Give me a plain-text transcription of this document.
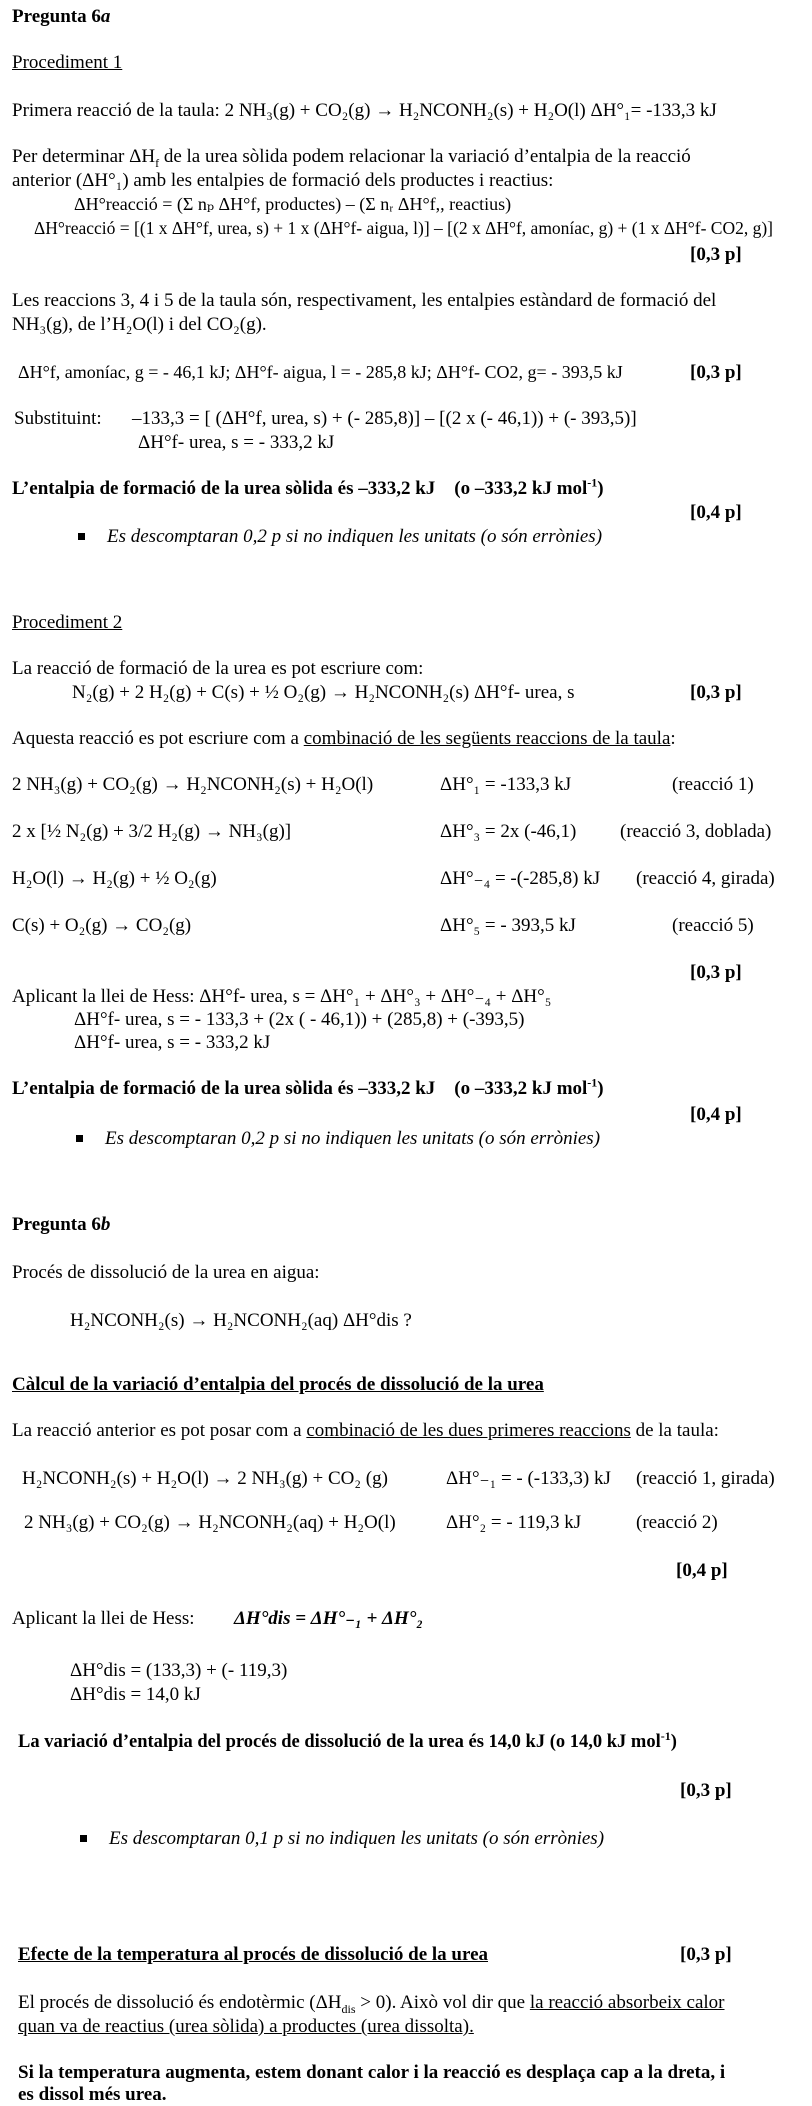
Pregunta 6a
Procediment 1
Primera reacció de la taula: 2 NH₃(g) + CO₂(g) → H₂NCONH₂(s) + H₂O(l) ΔH°₁= -133,3 kJ
Per determinar $\Delta H_f$ de la urea sòlida podem relacionar la variació d’entalpia de la reacció
anterior (ΔH°₁) amb les entalpies de formació dels productes i reactius:
ΔH°reacció = (Σ nₚ ΔH°f, productes) – (Σ nᵣ ΔH°f,, reactius)
ΔH°reacció = [(1 x ΔH°f, urea, s) + 1 x (ΔH°f- aigua, l)] – [(2 x ΔH°f, amoníac, g) + (1 x ΔH°f- CO2, g)]
[0,3 p]
Les reaccions 3, 4 i 5 de la taula són, respectivament, les entalpies estàndard de formació del
NH₃(g), de l’H₂O(l) i del CO₂(g).
ΔH°f, amoníac, g = - 46,1 kJ; ΔH°f- aigua, l = - 285,8 kJ; ΔH°f- CO2, g= - 393,5 kJ	[0,3 p]
Substituint: –133,3 = [ (ΔH°f, urea, s) + (- 285,8)] – [(2 x (- 46,1)) + (- 393,5)]
ΔH°f- urea, s = - 333,2 kJ
L’entalpia de formació de la urea sòlida és –333,2 kJ (o –333,2 kJ mol$^{-1}$)
[0,4 p]
Es descomptaran 0,2 p si no indiquen les unitats (o són errònies)
Procediment 2
La reacció de formació de la urea es pot escriure com:
N₂(g) + 2 H₂(g) + C(s) + ½ O₂(g) → H₂NCONH₂(s) ΔH°f- urea, s	[0,3 p]
Aquesta reacció es pot escriure com a combinació de les següents reaccions de la taula:
2 NH₃(g) + CO₂(g) → H₂NCONH₂(s) + H₂O(l)	ΔH°₁ = -133,3 kJ	(reacció 1)
2 x [½ N₂(g) + 3/2 H₂(g) → NH₃(g)]	ΔH°₃ = 2x (-46,1) (reacció 3, doblada)
H₂O(l) → H₂(g) + ½ O₂(g)	ΔH°₋₄ = -(-285,8) kJ (reacció 4, girada)
C(s) + O₂(g) → CO₂(g)	ΔH°₅ = - 393,5 kJ	(reacció 5)
[0,3 p]
Aplicant la llei de Hess: ΔH°f- urea, s = ΔH°₁ + ΔH°₃ + ΔH°₋₄ + ΔH°₅
ΔH°f- urea, s = - 133,3 + (2x ( - 46,1)) + (285,8) + (-393,5)
ΔH°f- urea, s = - 333,2 kJ
L’entalpia de formació de la urea sòlida és –333,2 kJ (o –333,2 kJ mol$^{-1}$)
[0,4 p]
Es descomptaran 0,2 p si no indiquen les unitats (o són errònies)
Pregunta 6b
Procés de dissolució de la urea en aigua:
H₂NCONH₂(s) → H₂NCONH₂(aq) ΔH°dis ?
Càlcul de la variació d’entalpia del procés de dissolució de la urea
La reacció anterior es pot posar com a combinació de les dues primeres reaccions de la taula:
H₂NCONH₂(s) + H₂O(l) → 2 NH₃(g) + CO₂ (g)	ΔH°₋₁ = - (-133,3) kJ (reacció 1, girada)
2 NH₃(g) + CO₂(g) → H₂NCONH₂(aq) + H₂O(l)	ΔH°₂ = - 119,3 kJ	(reacció 2)
[0,4 p]
Aplicant la llei de Hess: ΔH°dis = ΔH°₋₁ + ΔH°₂
ΔH°dis = (133,3) + (- 119,3)
ΔH°dis = 14,0 kJ
La variació d’entalpia del procés de dissolució de la urea és 14,0 kJ (o 14,0 kJ mol$^{-1}$)
[0,3 p]
Es descomptaran 0,1 p si no indiquen les unitats (o són errònies)
Efecte de la temperatura al procés de dissolució de la urea	[0,3 p]
El procés de dissolució és endotèrmic $(\Delta H_{dis} > 0)$. Això vol dir que la reacció absorbeix calor
quan va de reactius (urea sòlida) a productes (urea dissolta).
Si la temperatura augmenta, estem donant calor i la reacció es desplaça cap a la dreta, i
es dissol més urea.
